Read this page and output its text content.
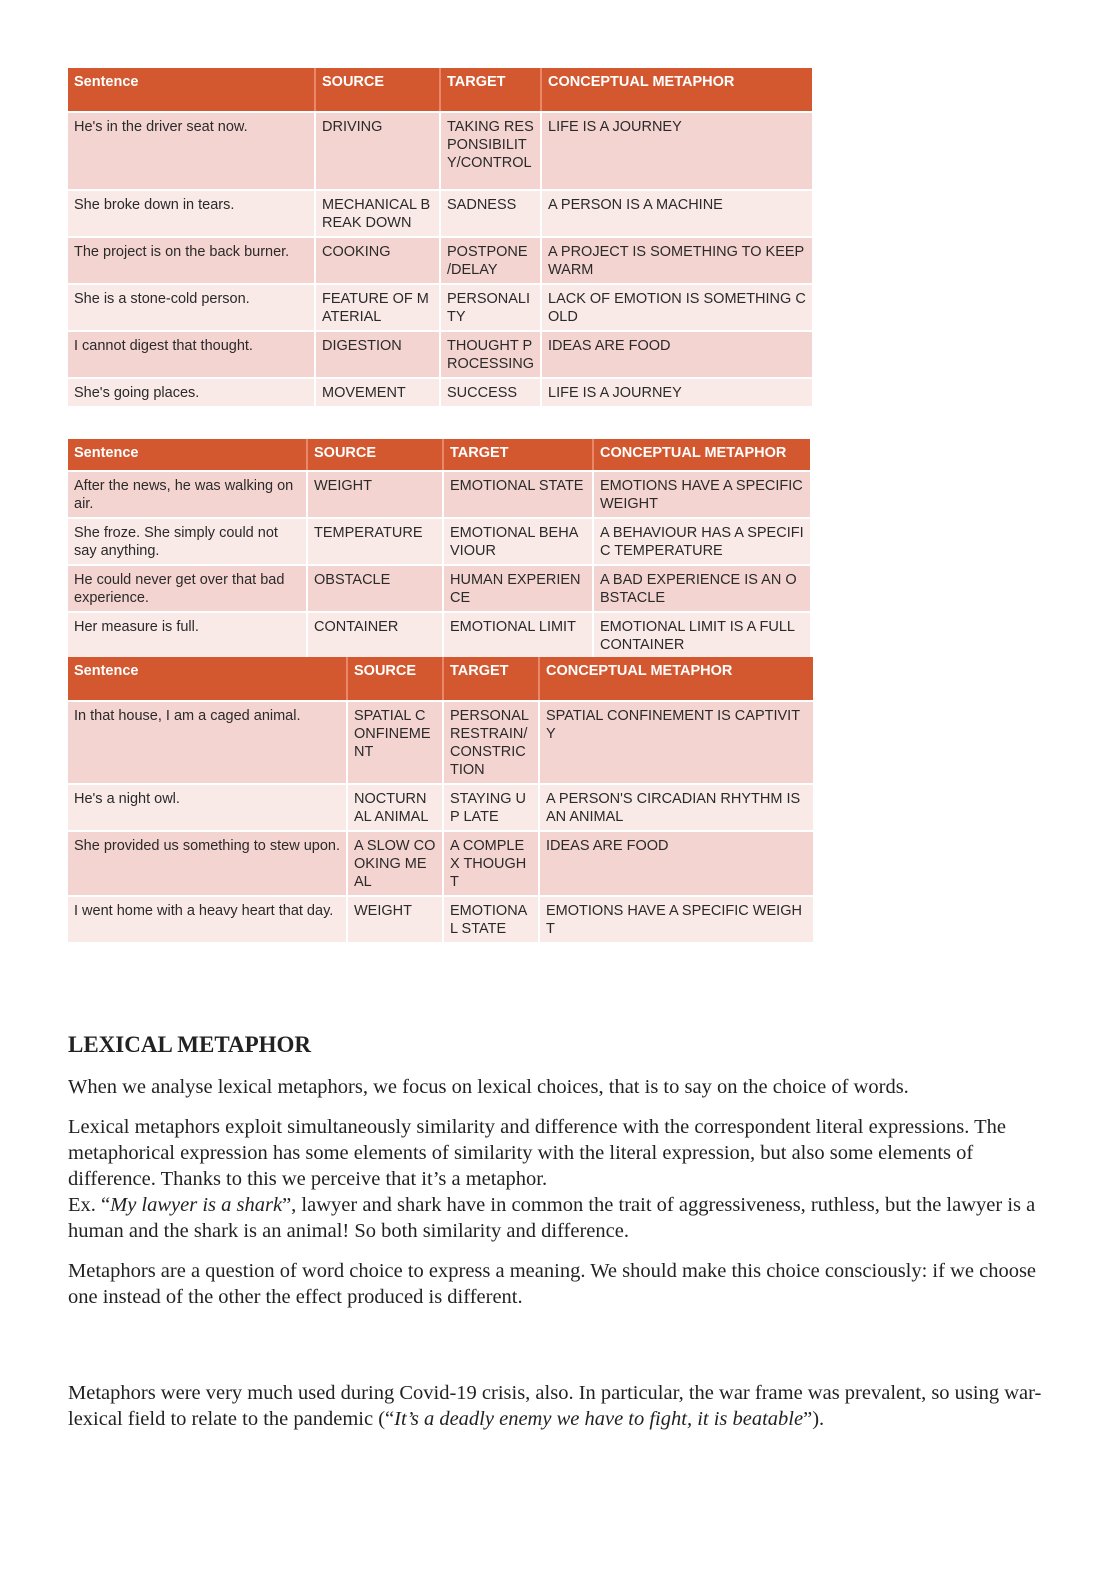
Sentence	SOURCE	TARGET	CONCEPTUAL METAPHOR
He's in the driver seat now.	DRIVING	TAKING RESPONSIBILITY/CONTROL	LIFE IS A JOURNEY
She broke down in tears.	MECHANICAL BREAK DOWN	SADNESS	A PERSON IS A MACHINE
The project is on the back burner.	COOKING	POSTPONE /DELAY	A PROJECT IS SOMETHING TO KEEP WARM
She is a stone-cold person.	FEATURE OF MATERIAL	PERSONALITY	LACK OF EMOTION IS SOMETHING COLD
I cannot digest that thought.	DIGESTION	THOUGHT PROCESSING	IDEAS ARE FOOD
She's going places.	MOVEMENT	SUCCESS	LIFE IS A JOURNEY
Sentence	SOURCE	TARGET	CONCEPTUAL METAPHOR
After the news, he was walking on air.	WEIGHT	EMOTIONAL STATE	EMOTIONS HAVE A SPECIFIC WEIGHT
She froze. She simply could not say anything.	TEMPERATURE	EMOTIONAL BEHAVIOUR	A BEHAVIOUR HAS A SPECIFIC TEMPERATURE
He could never get over that bad experience.	OBSTACLE	HUMAN EXPERIENCE	A BAD EXPERIENCE IS AN OBSTACLE
Her measure is full.	CONTAINER	EMOTIONAL LIMIT	EMOTIONAL LIMIT IS A FULL CONTAINER
Sentence	SOURCE	TARGET	CONCEPTUAL METAPHOR
In that house, I am a caged animal.	SPATIAL CONFINEMENT	PERSONAL RESTRAIN/ CONSTRICTION	SPATIAL CONFINEMENT IS CAPTIVITY
He's a night owl.	NOCTURNAL ANIMAL	STAYING UP LATE	A PERSON'S CIRCADIAN RHYTHM IS AN ANIMAL
She provided us something to stew upon.	A SLOW COOKING MEAL	A COMPLEX THOUGHT	IDEAS ARE FOOD
I went home with a heavy heart that day.	WEIGHT	EMOTIONAL STATE	EMOTIONS HAVE A SPECIFIC WEIGHT
LEXICAL METAPHOR

When we analyse lexical metaphors, we focus on lexical choices, that is to say on the choice of words.

Lexical metaphors exploit simultaneously similarity and difference with the correspondent literal expressions. The metaphorical expression has some elements of similarity with the literal expression, but also some elements of difference. Thanks to this we perceive that it’s a metaphor.
Ex. “My lawyer is a shark”, lawyer and shark have in common the trait of aggressiveness, ruthless, but the lawyer is a human and the shark is an animal! So both similarity and difference.

Metaphors are a question of word choice to express a meaning. We should make this choice consciously: if we choose one instead of the other the effect produced is different.

Metaphors were very much used during Covid-19 crisis, also. In particular, the war frame was prevalent, so using war-lexical field to relate to the pandemic (“It’s a deadly enemy we have to fight, it is beatable”).
